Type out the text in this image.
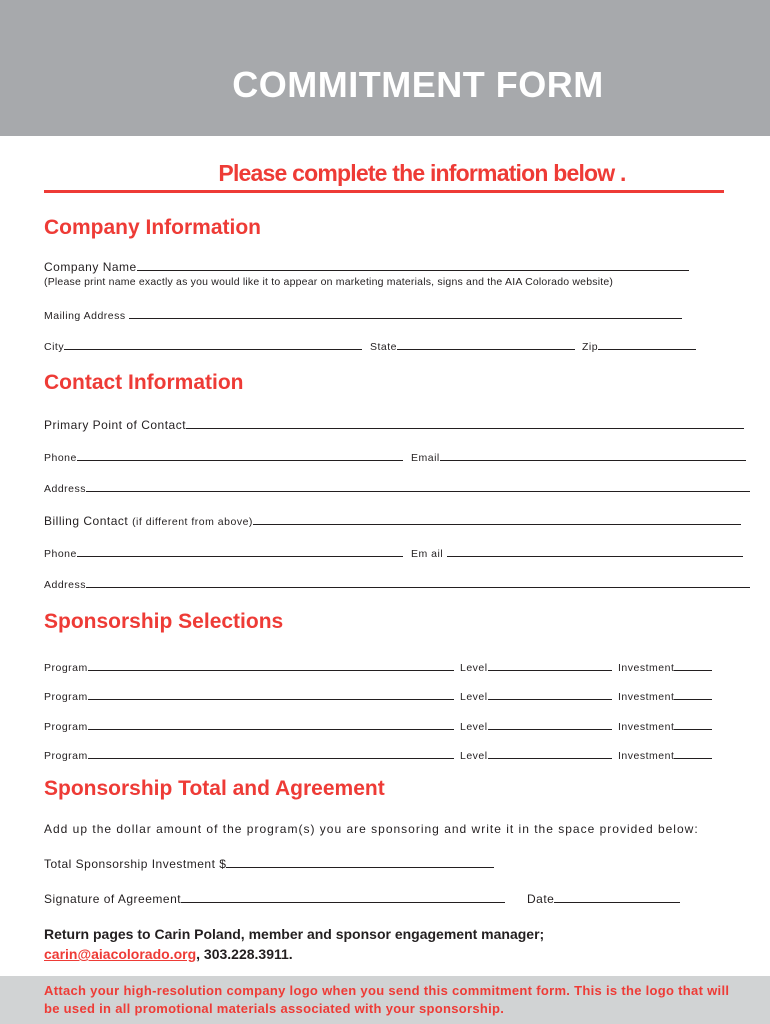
COMMITMENT FORM
Please complete the information below .
Company Information
Company Name
(Please print name exactly as you would like it to appear on marketing materials, signs and the AIA Colorado website)
Mailing Address
City	State	Zip
Contact Information
Primary Point of Contact
Phone	Email
Address
Billing Contact (if different from above)
Phone	Em ail
Address
Sponsorship Selections
Program	Level	Investment
Program	Level	Investment
Program	Level	Investment
Program	Level	Investment
Sponsorship Total and Agreement
Add up the dollar amount of the program(s) you are sponsoring and write it in the space provided below:
Total Sponsorship Investment $
Signature of Agreement	Date
Return pages to Carin Poland, member and sponsor engagement manager;
carin@aiacolorado.org, 303.228.3911.
Attach your high-resolution company logo when you send this commitment form. This is the logo that will be used in all promotional materials associated with your sponsorship.
